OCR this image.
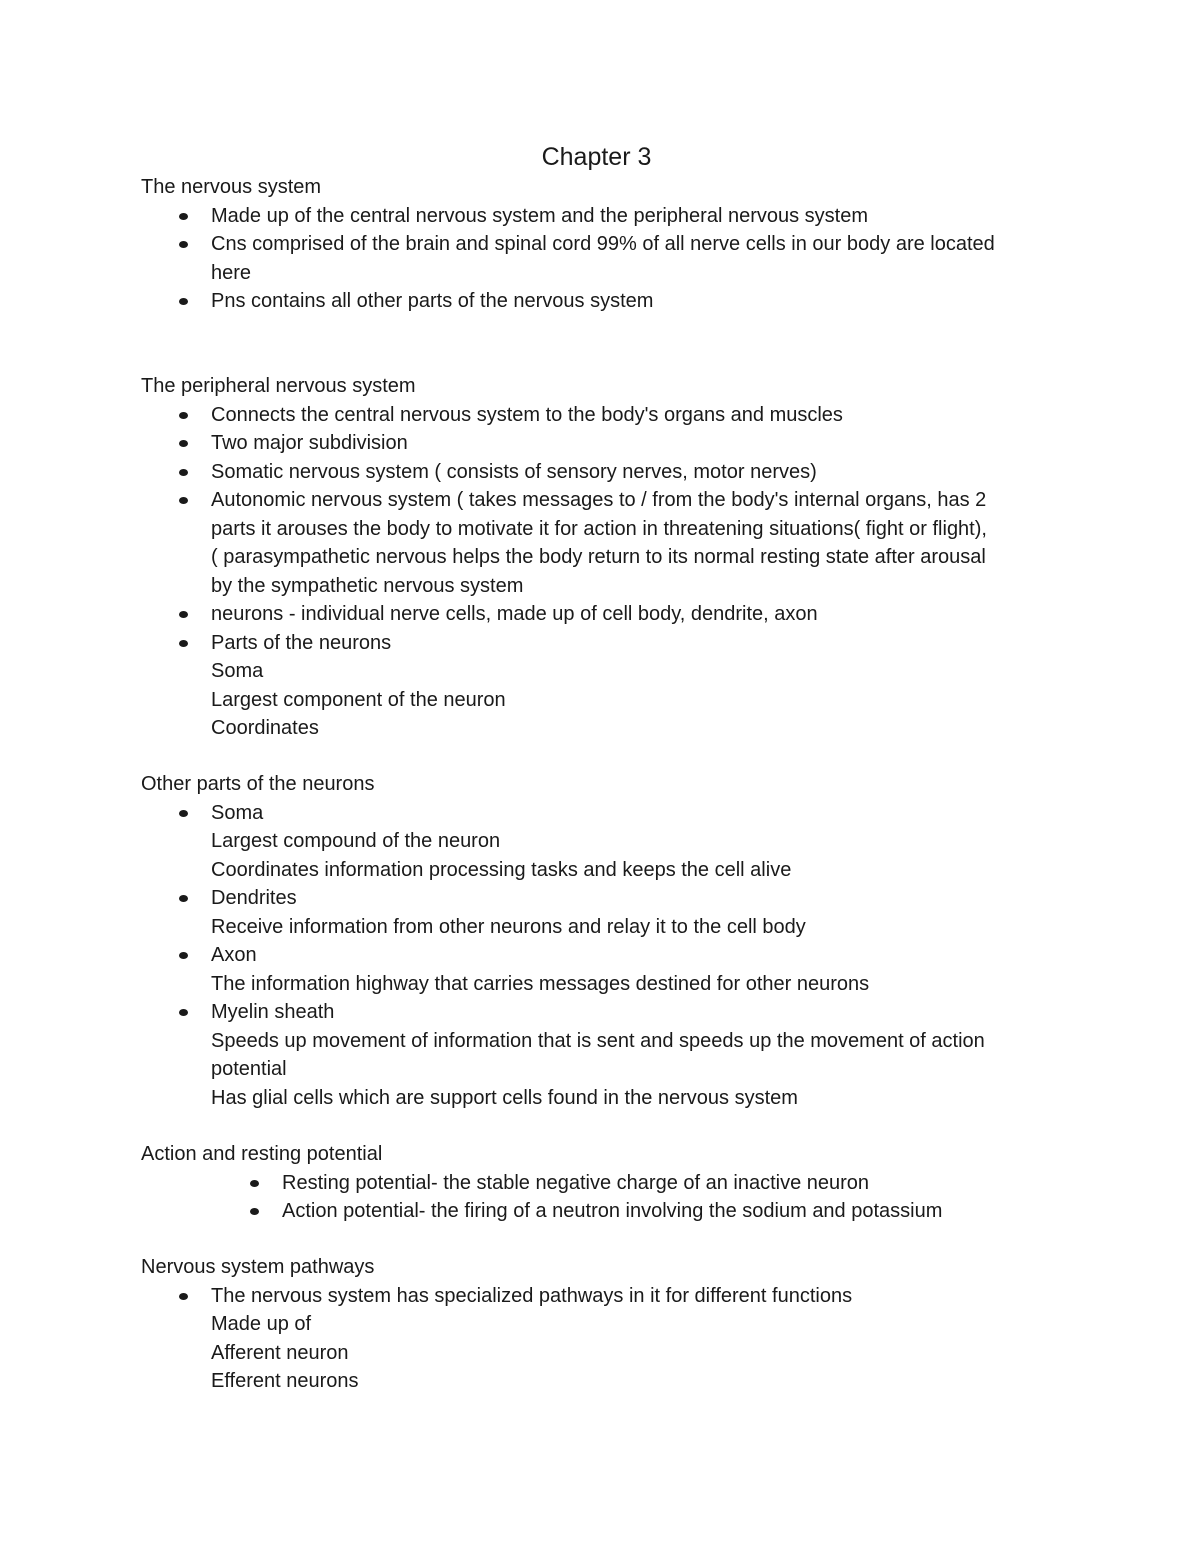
Chapter 3
The nervous system
Made up of the central nervous system and the peripheral nervous system
Cns comprised of the brain and spinal cord 99% of all nerve cells in our body are located
here
Pns contains all other parts of the nervous system
The peripheral nervous system
Connects the central nervous system to the body's organs and muscles
Two major subdivision
Somatic nervous system ( consists of sensory nerves, motor nerves)
Autonomic nervous system ( takes messages to / from the body's internal organs, has 2
parts it arouses the body to motivate it for action in threatening situations( fight or flight),
( parasympathetic nervous helps the body return to its normal resting state after arousal
by the sympathetic nervous system
neurons - individual nerve cells, made up of cell body, dendrite, axon
Parts of the neurons
Soma
Largest component of the neuron
Coordinates
Other parts of the neurons
Soma
Largest compound of the neuron
Coordinates information processing tasks and keeps the cell alive
Dendrites
Receive information from other neurons and relay it to the cell body
Axon
The information highway that carries messages destined for other neurons
Myelin sheath
Speeds up movement of information that is sent and speeds up the movement of action
potential
Has glial cells which are support cells found in the nervous system
Action and resting potential
Resting potential- the stable negative charge of an inactive neuron
Action potential- the firing of a neutron involving the sodium and potassium
Nervous system pathways
The nervous system has specialized pathways in it for different functions
Made up of
Afferent neuron
Efferent neurons
